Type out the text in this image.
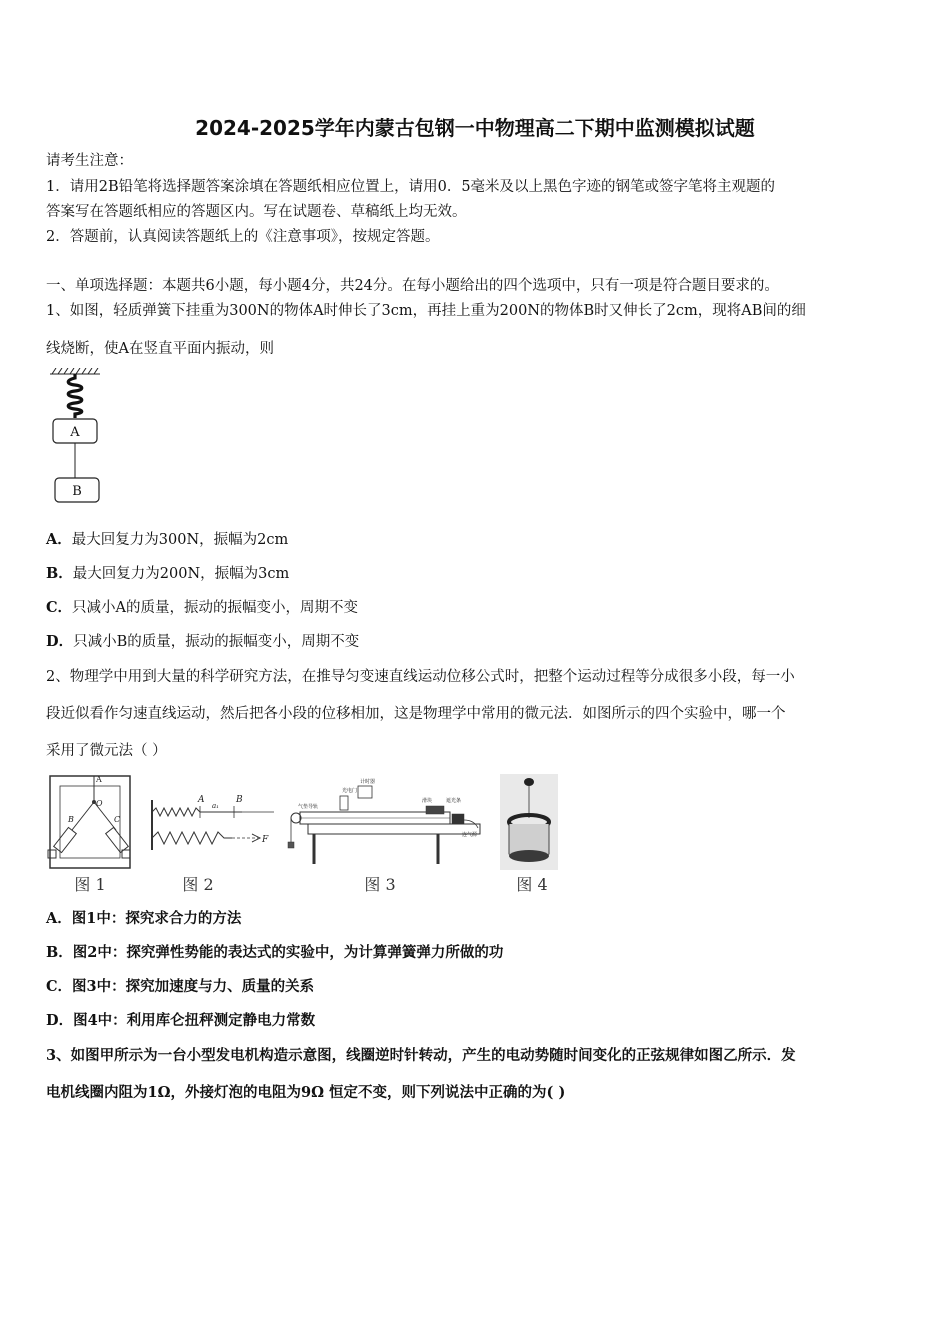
2024-2025学年内蒙古包钢一中物理高二下期中监测模拟试题
请考生注意：
1．请用2B铅笔将选择题答案涂填在答题纸相应位置上，请用0．5毫米及以上黑色字迹的钢笔或签字笔将主观题的
答案写在答题纸相应的答题区内。写在试题卷、草稿纸上均无效。
2．答题前，认真阅读答题纸上的《注意事项》，按规定答题。
一、单项选择题：本题共6小题，每小题4分，共24分。在每小题给出的四个选项中，只有一项是符合题目要求的。
1、如图，轻质弹簧下挂重为300N的物体A时伸长了3cm，再挂上重为200N的物体B时又伸长了2cm，现将AB间的细
线烧断，使A在竖直平面内振动，则
A
B
A．最大回复力为300N，振幅为2cm
B．最大回复力为200N，振幅为3cm
C．只减小A的质量，振动的振幅变小，周期不变
D．只减小B的质量，振动的振幅变小，周期不变
2、物理学中用到大量的科学研究方法，在推导匀变速直线运动位移公式时，把整个运动过程等分成很多小段，每一小
段近似看作匀速直线运动，然后把各小段的位移相加，这是物理学中常用的微元法．如图所示的四个实验中，哪一个
采用了微元法（ ）
A
O
B	C
A	B
a₁
F
光电门
计时器
气垫导轨
遮光条
滑块
连气源
图 1	图 2	图 3	图 4
A．图1中：探究求合力的方法
B．图2中：探究弹性势能的表达式的实验中，为计算弹簧弹力所做的功
C．图3中：探究加速度与力、质量的关系
D．图4中：利用库仑扭秤测定静电力常数
3、如图甲所示为一台小型发电机构造示意图，线圈逆时针转动，产生的电动势随时间变化的正弦规律如图乙所示．发
电机线圈内阻为1Ω，外接灯泡的电阻为9Ω 恒定不变，则下列说法中正确的为( )
